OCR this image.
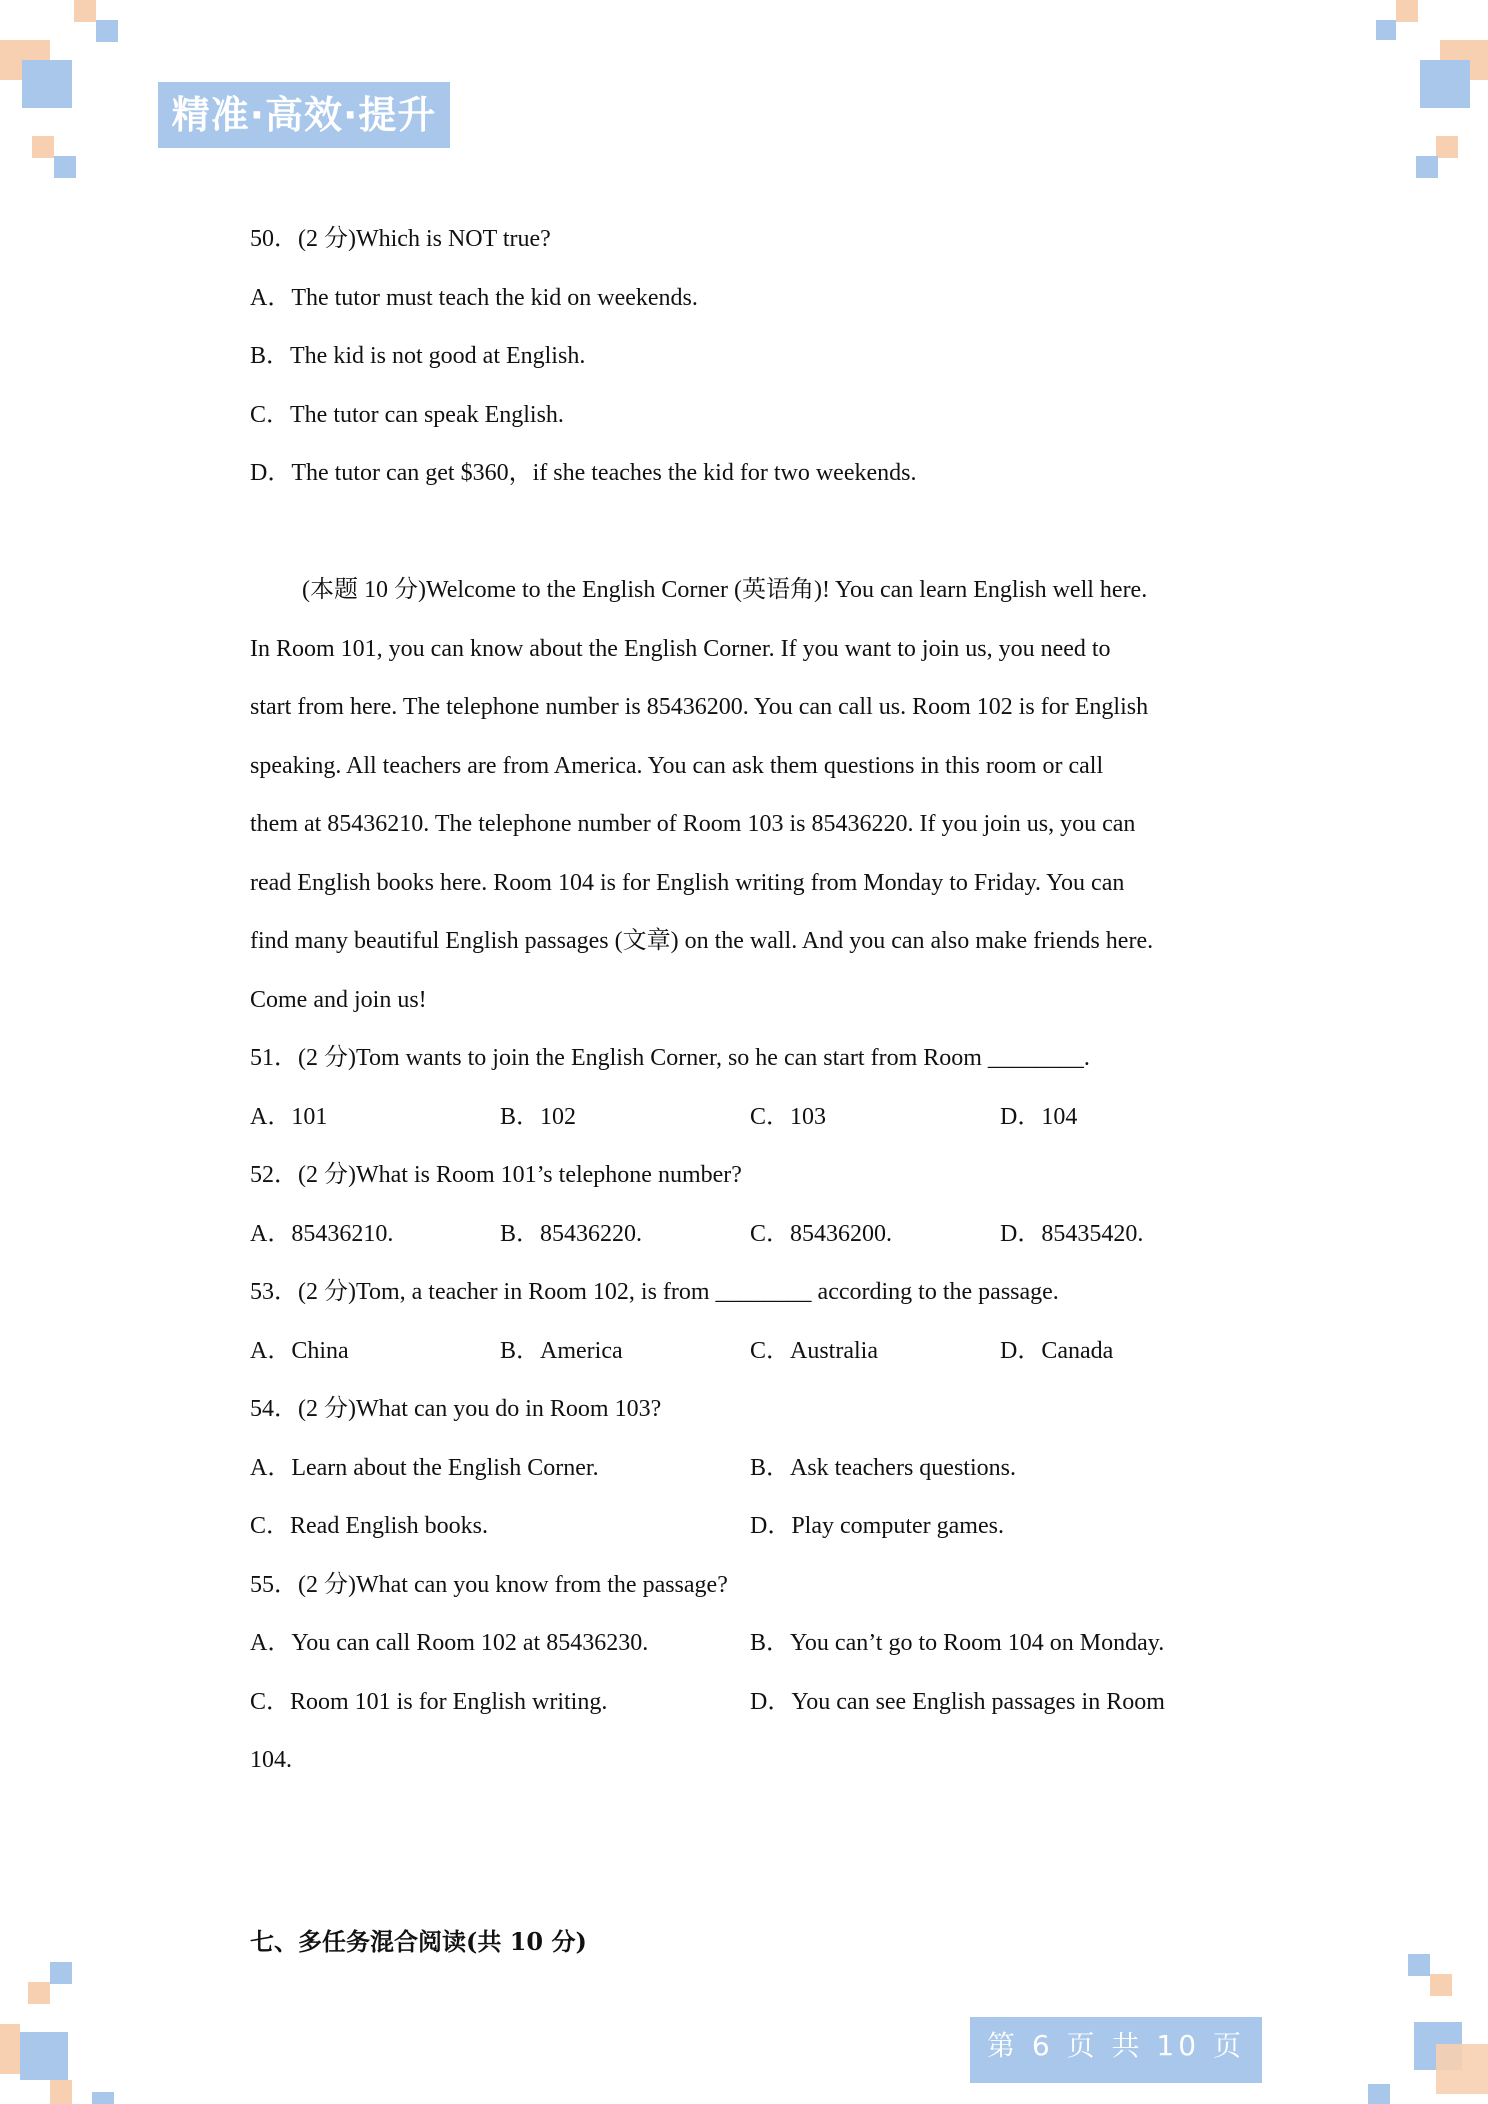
精准·高效·提升
50．(2 分)Which is NOT true?
A．The tutor must teach the kid on weekends.
B．The kid is not good at English.
C．The tutor can speak English.
D．The tutor can get $360，if she teaches the kid for two weekends.
(本题 10 分)Welcome to the English Corner (英语角)! You can learn English well here.
In Room 101, you can know about the English Corner. If you want to join us, you need to
start from here. The telephone number is 85436200. You can call us. Room 102 is for English
speaking. All teachers are from America. You can ask them questions in this room or call
them at 85436210. The telephone number of Room 103 is 85436220. If you join us, you can
read English books here. Room 104 is for English writing from Monday to Friday. You can
find many beautiful English passages (文章) on the wall. And you can also make friends here.
Come and join us!
51．(2 分)Tom wants to join the English Corner, so he can start from Room ________.
A．101	B．102	C．103	D．104
52．(2 分)What is Room 101’s telephone number?
A．85436210.	B．85436220.	C．85436200.	D．85435420.
53．(2 分)Tom, a teacher in Room 102, is from ________ according to the passage.
A．China	B．America	C．Australia	D．Canada
54．(2 分)What can you do in Room 103?
A．Learn about the English Corner.	B．Ask teachers questions.
C．Read English books.	D．Play computer games.
55．(2 分)What can you know from the passage?
A．You can call Room 102 at 85436230.	B．You can’t go to Room 104 on Monday.
C．Room 101 is for English writing.	D．You can see English passages in Room
104.
七、多任务混合阅读(共 10 分)
第 6 页 共 10 页
